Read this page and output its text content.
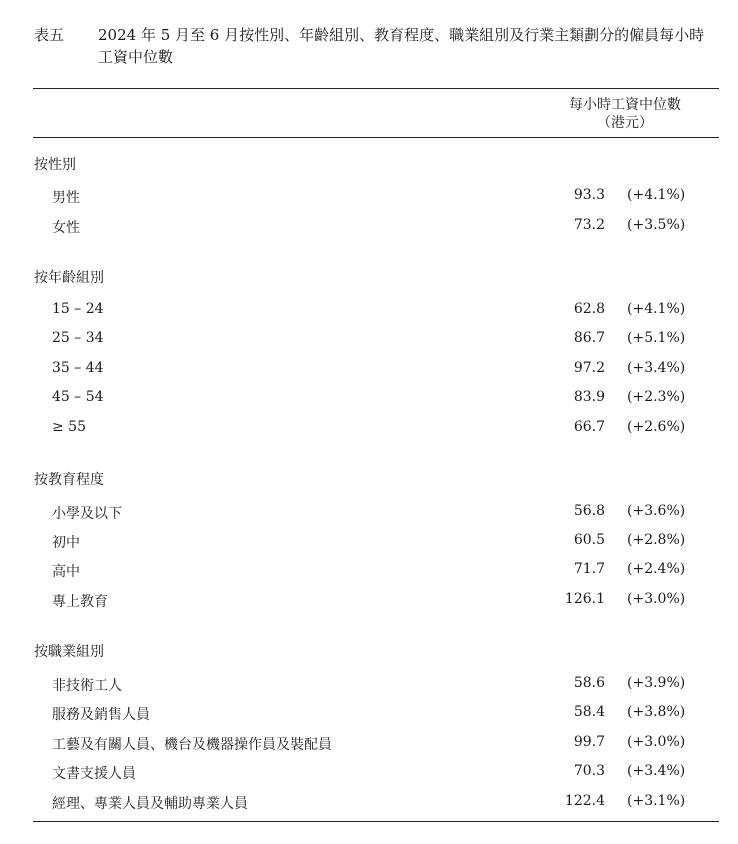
表五 2024 年 5 月至 6 月按性別、年齡組別、教育程度、職業組別及行業主類劃分的僱員每小時工資中位數
每小時工資中位數
（港元）
按性別
男性	93.3 (+4.1%)
女性	73.2 (+3.5%)
按年齡組別
15 – 24	62.8 (+4.1%)
25 – 34	86.7 (+5.1%)
35 – 44	97.2 (+3.4%)
45 – 54	83.9 (+2.3%)
≥ 55	66.7 (+2.6%)
按教育程度
小學及以下	56.8 (+3.6%)
初中	60.5 (+2.8%)
高中	71.7 (+2.4%)
專上教育	126.1 (+3.0%)
按職業組別
非技術工人	58.6 (+3.9%)
服務及銷售人員	58.4 (+3.8%)
工藝及有關人員、機台及機器操作員及裝配員	99.7 (+3.0%)
文書支援人員	70.3 (+3.4%)
經理、專業人員及輔助專業人員	122.4 (+3.1%)
